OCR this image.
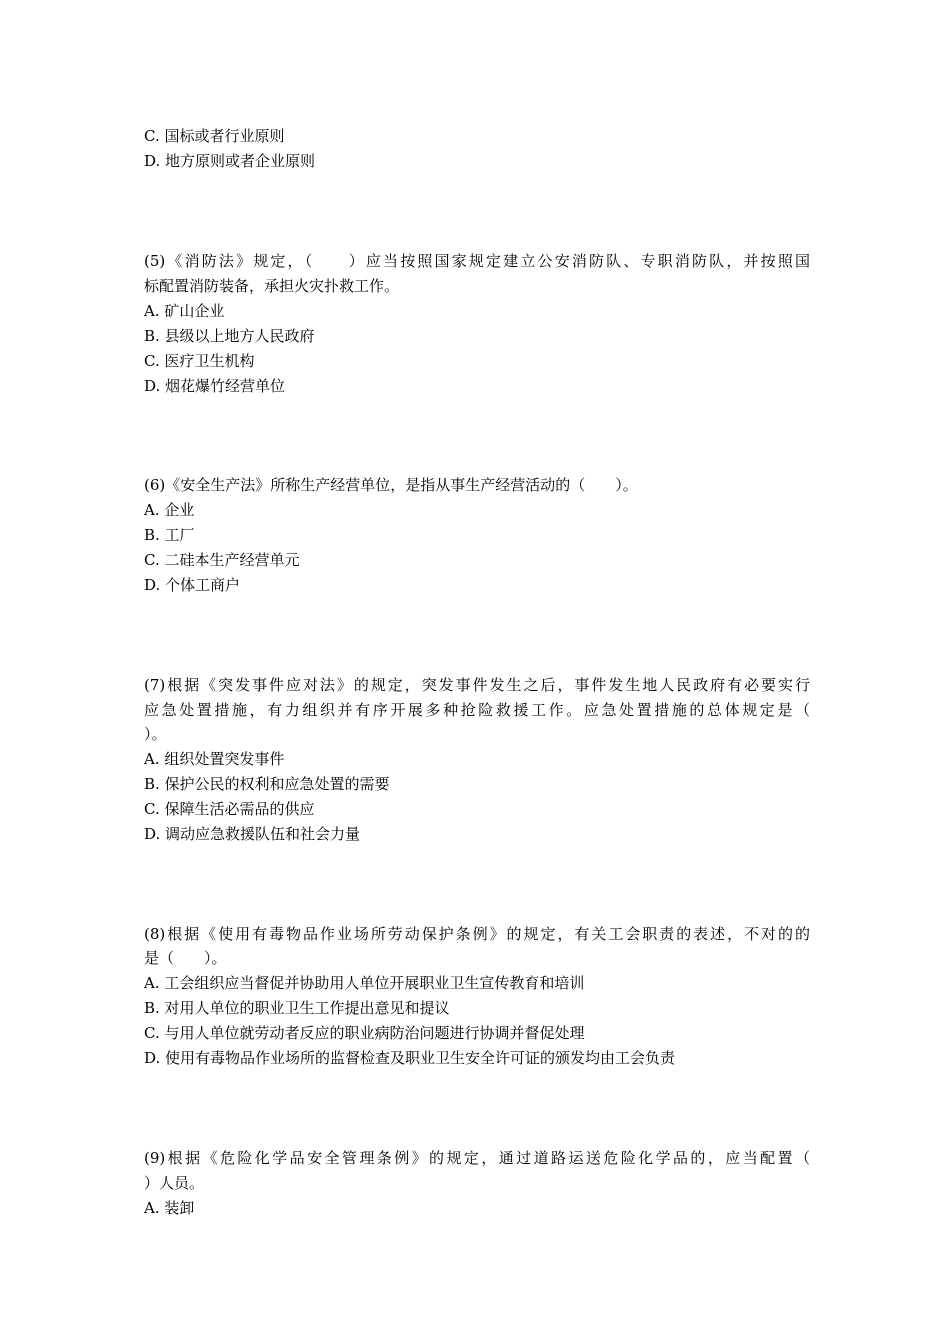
C. 国标或者行业原则
D. 地方原则或者企业原则
(5)《消防法》规定，（　　）应当按照国家规定建立公安消防队、专职消防队，并按照国
标配置消防装备，承担火灾扑救工作。
A. 矿山企业
B. 县级以上地方人民政府
C. 医疗卫生机构
D. 烟花爆竹经营单位
(6)《安全生产法》所称生产经营单位，是指从事生产经营活动的（　　）。
A. 企业
B. 工厂
C. 二硅本生产经营单元
D. 个体工商户
(7)根据《突发事件应对法》的规定，突发事件发生之后，事件发生地人民政府有必要实行
应急处置措施，有力组织并有序开展多种抢险救援工作。应急处置措施的总体规定是（
）。
A. 组织处置突发事件
B. 保护公民的权利和应急处置的需要
C. 保障生活必需品的供应
D. 调动应急救援队伍和社会力量
(8)根据《使用有毒物品作业场所劳动保护条例》的规定，有关工会职责的表述，不对的的
是（　　）。
A. 工会组织应当督促并协助用人单位开展职业卫生宣传教育和培训
B. 对用人单位的职业卫生工作提出意见和提议
C. 与用人单位就劳动者反应的职业病防治问题进行协调并督促处理
D. 使用有毒物品作业场所的监督检查及职业卫生安全许可证的颁发均由工会负责
(9)根据《危险化学品安全管理条例》的规定，通过道路运送危险化学品的，应当配置（
）人员。
A. 装卸
